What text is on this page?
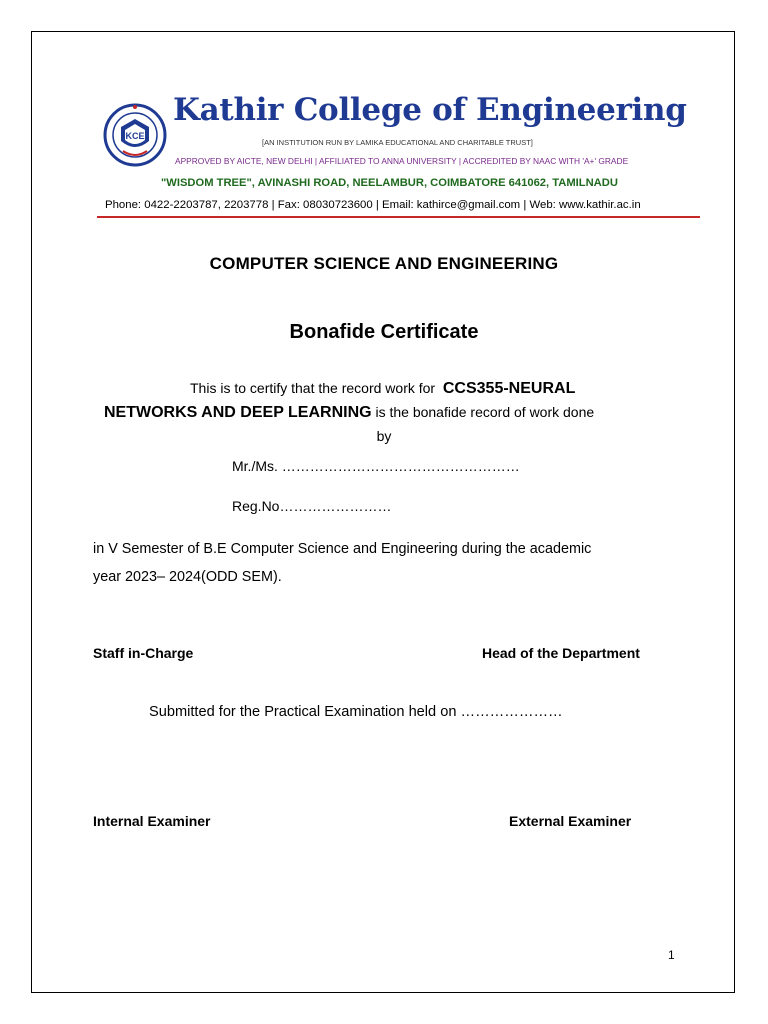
KCE
Kathir College of Engineering
[AN INSTITUTION RUN BY LAMIKA EDUCATIONAL AND CHARITABLE TRUST]
APPROVED BY AICTE, NEW DELHI | AFFILIATED TO ANNA UNIVERSITY | ACCREDITED BY NAAC WITH 'A+' GRADE
"WISDOM TREE", AVINASHI ROAD, NEELAMBUR, COIMBATORE 641062, TAMILNADU
Phone: 0422-2203787, 2203778 | Fax: 08030723600 | Email: kathirce@gmail.com | Web: www.kathir.ac.in
COMPUTER SCIENCE AND ENGINEERING
Bonafide Certificate
This is to certify that the record work for CCS355-NEURAL
NETWORKS AND DEEP LEARNING is the bonafide record of work done
by
Mr./Ms. ……………………………………………
Reg.No……………………
in V Semester of B.E Computer Science and Engineering during the academic
year 2023– 2024(ODD SEM).
Staff in-Charge	Head of the Department
Submitted for the Practical Examination held on …………………
Internal Examiner	External Examiner
1
